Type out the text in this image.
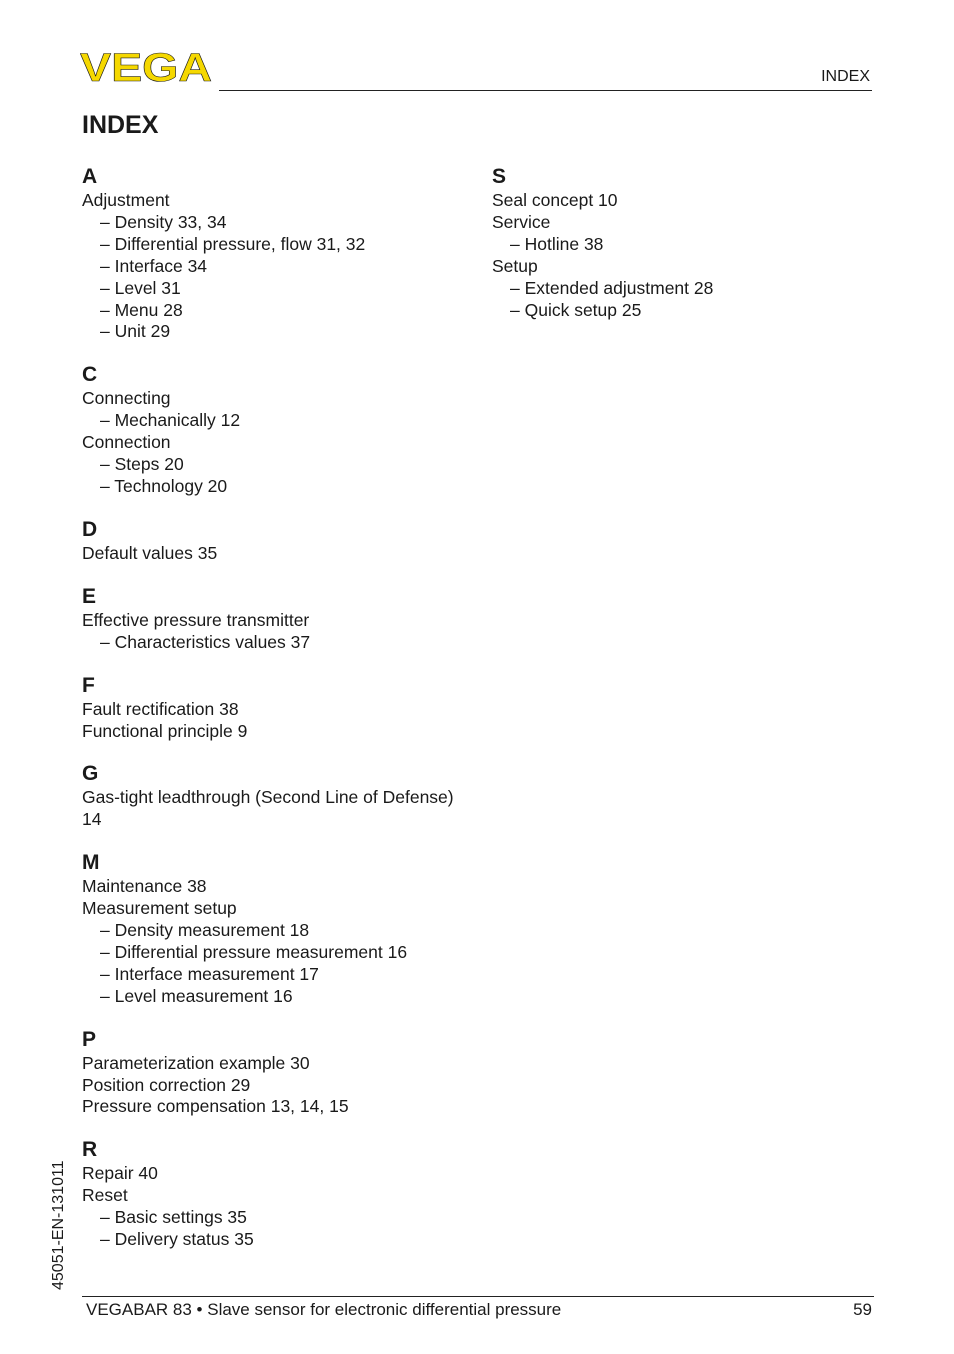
VEGA	INDEX
INDEX
A
Adjustment
– Density 33, 34
– Differential pressure, flow 31, 32
– Interface 34
– Level 31
– Menu 28
– Unit 29
C
Connecting
– Mechanically 12
Connection
– Steps 20
– Technology 20
D
Default values 35
E
Effective pressure transmitter
– Characteristics values 37
F
Fault rectification 38
Functional principle 9
G
Gas-tight leadthrough (Second Line of Defense)
14
M
Maintenance 38
Measurement setup
– Density measurement 18
– Differential pressure measurement 16
– Interface measurement 17
– Level measurement 16
P
Parameterization example 30
Position correction 29
Pressure compensation 13, 14, 15
R
Repair 40
Reset
– Basic settings 35
– Delivery status 35
S
Seal concept 10
Service
– Hotline 38
Setup
– Extended adjustment 28
– Quick setup 25
45051-EN-131011
VEGABAR 83 • Slave sensor for electronic differential pressure	59
